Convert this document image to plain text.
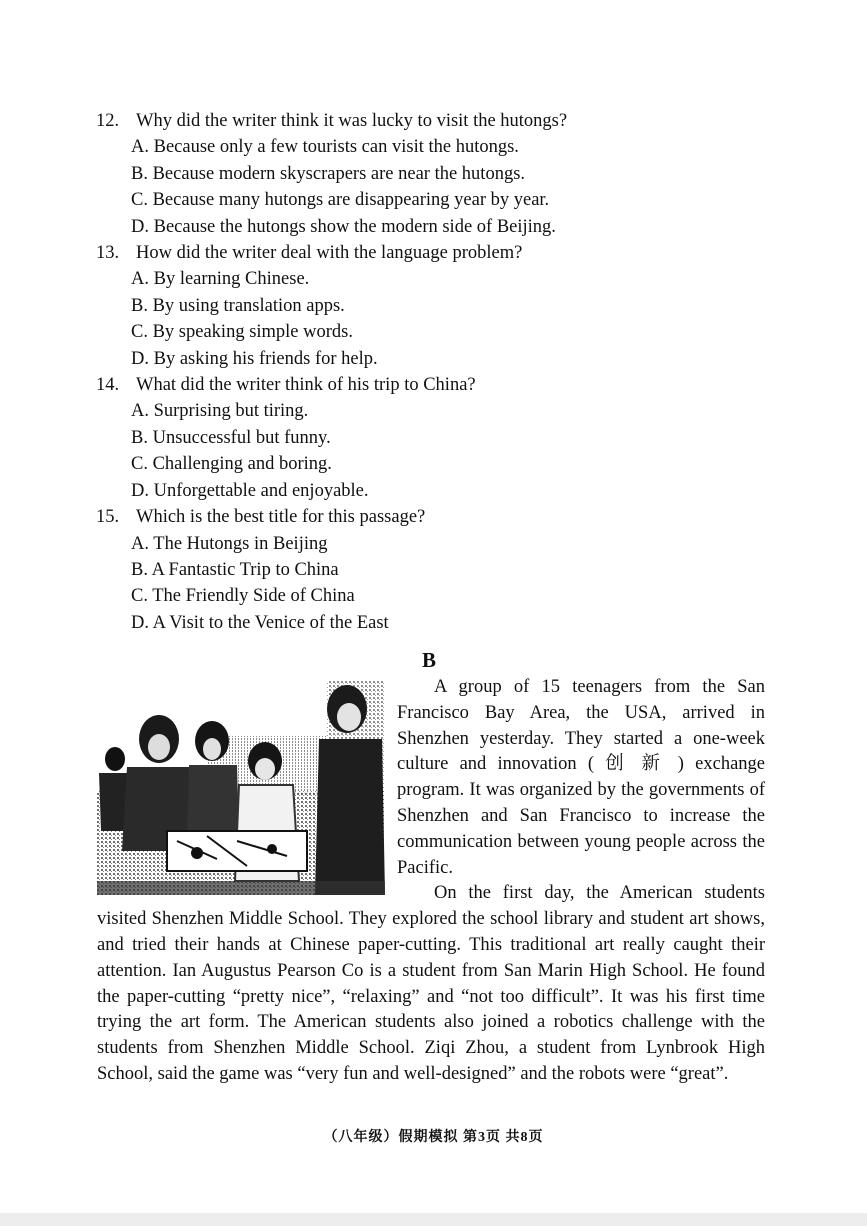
12. Why did the writer think it was lucky to visit the hutongs?
A. Because only a few tourists can visit the hutongs.
B. Because modern skyscrapers are near the hutongs.
C. Because many hutongs are disappearing year by year.
D. Because the hutongs show the modern side of Beijing.
13. How did the writer deal with the language problem?
A. By learning Chinese.
B. By using translation apps.
C. By speaking simple words.
D. By asking his friends for help.
14. What did the writer think of his trip to China?
A. Surprising but tiring.
B. Unsuccessful but funny.
C. Challenging and boring.
D. Unforgettable and enjoyable.
15. Which is the best title for this passage?
A. The Hutongs in Beijing
B. A Fantastic Trip to China
C. The Friendly Side of China
D. A Visit to the Venice of the East
B

A group of 15 teenagers from the San Francisco Bay Area, the USA, arrived in Shenzhen yesterday. They started a one-week culture and innovation ( 创 新 ) exchange program. It was organized by the governments of Shenzhen and San Francisco to increase the communication between young people across the Pacific.

On the first day, the American students visited Shenzhen Middle School. They explored the school library and student art shows, and tried their hands at Chinese paper-cutting. This traditional art really caught their attention. Ian Augustus Pearson Co is a student from San Marin High School. He found the paper-cutting “pretty nice”, “relaxing” and “not too difficult”. It was his first time trying the art form. The American students also joined a robotics challenge with the students from Shenzhen Middle School. Ziqi Zhou, a student from Lynbrook High School, said the game was “very fun and well-designed” and the robots were “great”.

（八年级）假期模拟 第3页 共8页
